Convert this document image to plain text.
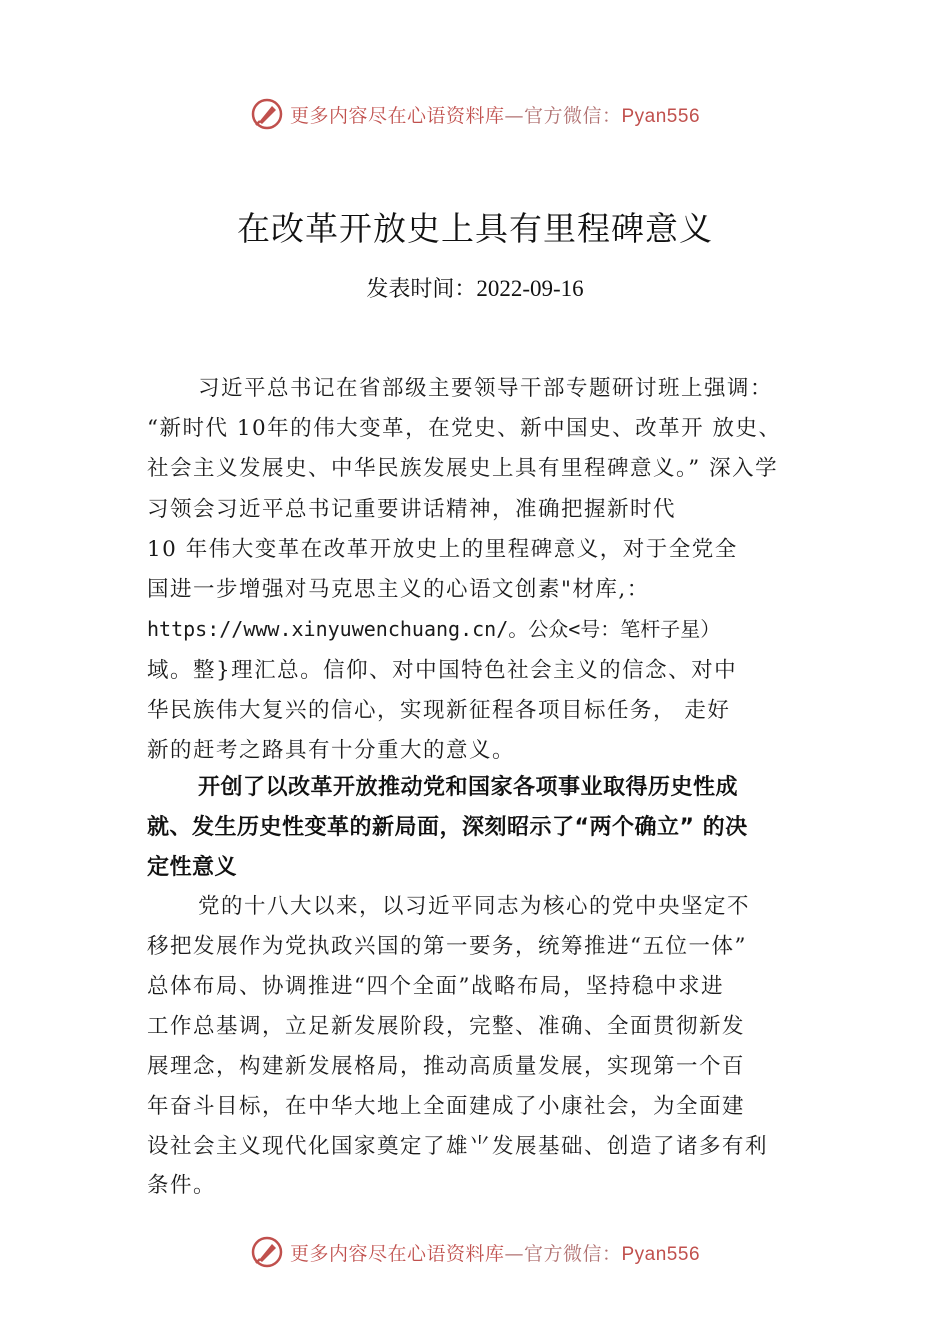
更多内容尽在心语资料库—官方微信：Pyan556
在改革开放史上具有里程碑意义
发表时间：2022-09-16
习近平总书记在省部级主要领导干部专题研讨班上强调：
“新时代 10年的伟大变革，在党史、新中国史、改革开 放史、
社会主义发展史、中华民族发展史上具有里程碑意义。” 深入学
习领会习近平总书记重要讲话精神，准确把握新时代
10 年伟大变革在改革开放史上的里程碑意义，对于全党全
国进一步增强对马克思主义的心语文创素"材库,：
https://www.xinyuwenchuang.cn/。公众<号：笔杆子星）
域。整}理汇总。信仰、对中国特色社会主义的信念、对中
华民族伟大复兴的信心，实现新征程各项目标任务， 走好
新的赶考之路具有十分重大的意义。
开创了以改革开放推动党和国家各项事业取得历史性成
就、发生历史性变革的新局面，深刻昭示了“两个确立” 的决
定性意义
党的十八大以来，以习近平同志为核心的党中央坚定不
移把发展作为党执政兴国的第一要务，统筹推进“五位一体”
总体布局、协调推进“四个全面”战略布局，坚持稳中求进
工作总基调，立足新发展阶段，完整、准确、全面贯彻新发
展理念，构建新发展格局，推动高质量发展，实现第一个百
年奋斗目标，在中华大地上全面建成了小康社会，为全面建
设社会主义现代化国家奠定了雄⺌发展基础、创造了诸多有利
条件。
更多内容尽在心语资料库—官方微信：Pyan556
